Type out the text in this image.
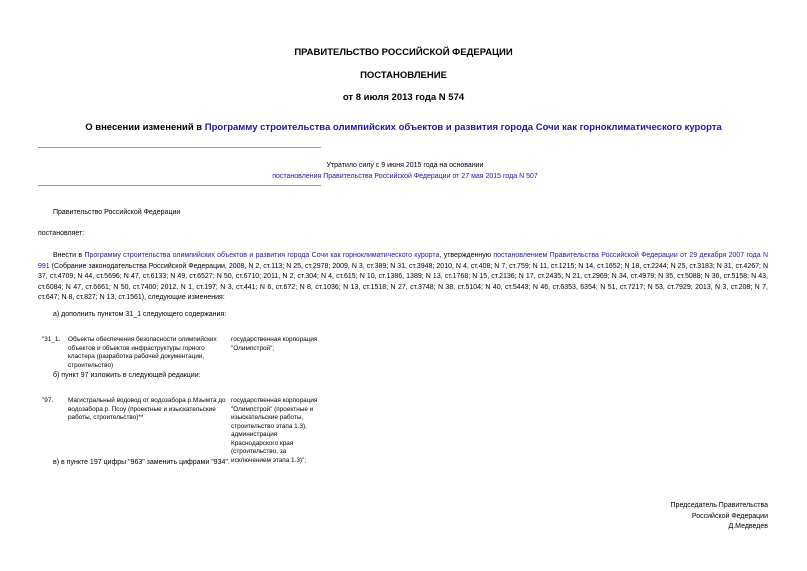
ПРАВИТЕЛЬСТВО РОССИЙСКОЙ ФЕДЕРАЦИИ
ПОСТАНОВЛЕНИЕ
от 8 июля 2013 года N 574
О внесении изменений в Программу строительства олимпийских объектов и развития города Сочи как горноклиматического курорта
Утратило силу с 9 июня 2015 года на основании
постановления Правительства Российской Федерации от 27 мая 2015 года N 507
Правительство Российской Федерации
постановляет:
Внести в Программу строительства олимпийских объектов и развития города Сочи как горноклиматического курорта, утвержденную постановлением Правительства Российской Федерации от 29 декабря 2007 года N 991 (Собрание законодательства Российской Федерации, 2008, N 2, ст.113; N 25, ст.2978; 2009, N 3, ст.389; N 31, ст.3948; 2010, N 4, ст.408; N 7, ст.759; N 11, ст.1215; N 14, ст.1652; N 18, ст.2244; N 25, ст.3183; N 31, ст.4267; N 37, ст.4709; N 44, ст.5696; N 47, ст.6133; N 49, ст.6527; N 50, ст.6710; 2011, N 2, ст.304; N 4, ст.615; N 10, ст.1386, 1389; N 13, ст.1768; N 15, ст.2136; N 17, ст.2435; N 21, ст.2969; N 34, ст.4979; N 35, ст.5088; N 36, ст.5158; N 43, ст.6084; N 47, ст.6661; N 50, ст.7400; 2012, N 1, ст.197; N 3, ст.441; N 6, ст.672; N 8, ст.1036; N 13, ст.1518; N 27, ст.3748; N 38, ст.5104; N 40, ст.5443; N 46, ст.6353, 6354; N 51, ст.7217; N 53, ст.7929; 2013, N 3, ст.208; N 7, ст.647; N 8, ст.827; N 13, ст.1561), следующие изменения:
а) дополнить пунктом 31_1 следующего содержания:
"31_1. Объекты обеспечения безопасности олимпийских объектов и объектов инфраструктуры горного кластера (разработка рабочей документации, строительство)
государственная корпорация "Олимпстрой";
б) пункт 97 изложить в следующей редакции:
"97. Магистральный водовод от водозабора р.Мзымта до водозабора р. Псоу (проектные и изыскательские работы, строительство)**
государственная корпорация "Олимпстрой" (проектные и изыскательские работы, строительство этапа 1.3), администрация Краснодарского края (строительство, за исключением этапа 1.3)";
в) в пункте 197 цифры "963" заменить цифрами "934".
Председатель Правительства
Российской Федерации
Д.Медведев
